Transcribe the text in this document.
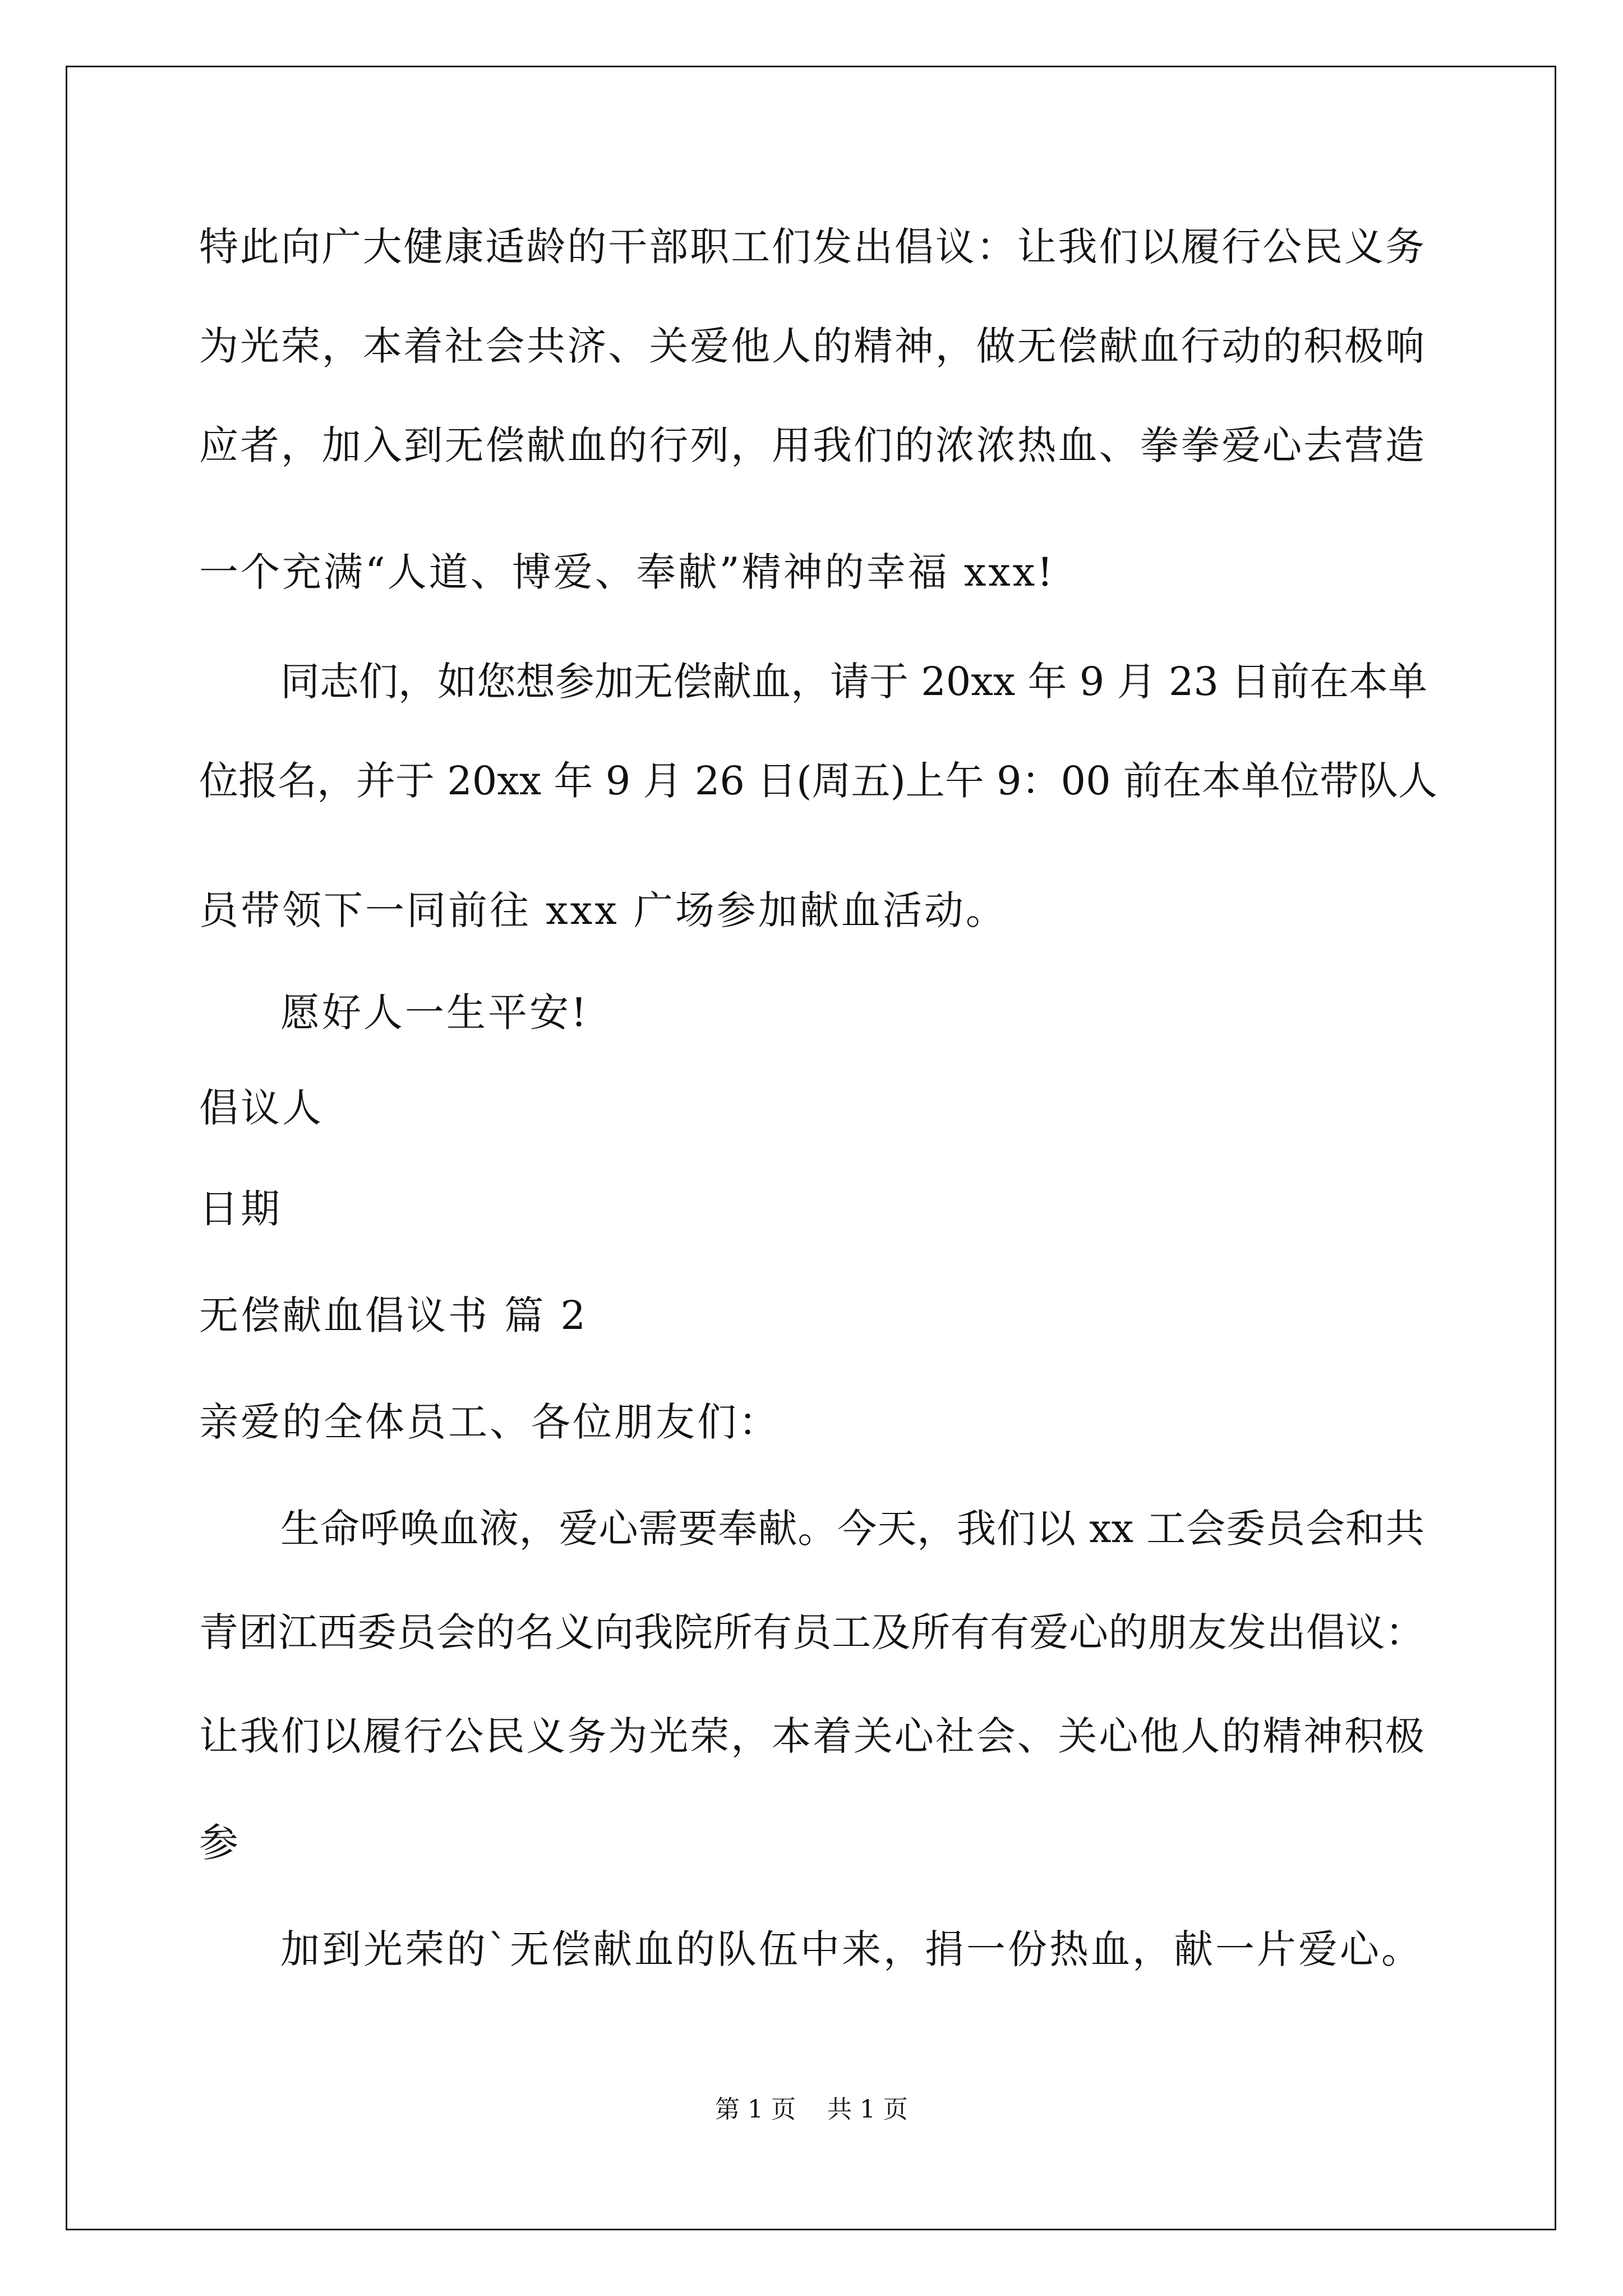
特此向广大健康适龄的干部职工们发出倡议：让我们以履行公民义务
为光荣，本着社会共济、关爱他人的精神，做无偿献血行动的积极响
应者，加入到无偿献血的行列，用我们的浓浓热血、拳拳爱心去营造
一个充满“人道、博爱、奉献”精神的幸福 xxx!
同志们，如您想参加无偿献血，请于 20xx 年 9 月 23 日前在本单
位报名，并于 20xx 年 9 月 26 日(周五)上午 9：00 前在本单位带队人
员带领下一同前往 xxx 广场参加献血活动。
愿好人一生平安!
倡议人
日期
无偿献血倡议书 篇 2
亲爱的全体员工、各位朋友们：
生命呼唤血液，爱心需要奉献。今天，我们以 xx 工会委员会和共
青团江西委员会的名义向我院所有员工及所有有爱心的朋友发出倡议：
让我们以履行公民义务为光荣，本着关心社会、关心他人的精神积极
参
加到光荣的`无偿献血的队伍中来，捐一份热血，献一片爱心。
第 1 页    共 1 页
